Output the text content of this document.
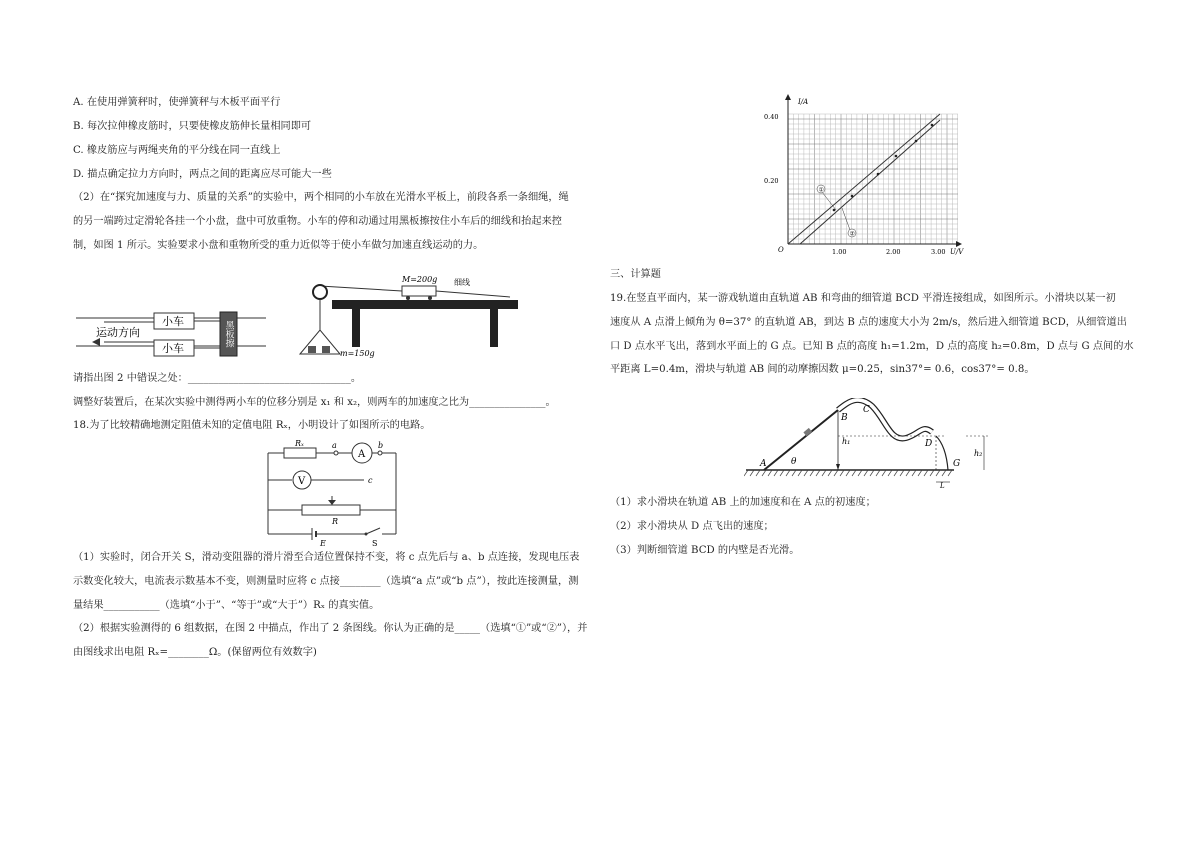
A. 在使用弹簧秤时，使弹簧秤与木板平面平行
B. 每次拉伸橡皮筋时，只要使橡皮筋伸长量相同即可
C. 橡皮筋应与两绳夹角的平分线在同一直线上
D. 描点确定拉力方向时，两点之间的距离应尽可能大一些
（2）在“探究加速度与力、质量的关系”的实验中，两个相同的小车放在光滑水平板上，前段各系一条细绳，绳
的另一端跨过定滑轮各挂一个小盘，盘中可放重物。小车的停和动通过用黑板擦按住小车后的细线和抬起来控
制，如图 1 所示。实验要求小盘和重物所受的重力近似等于使小车做匀加速直线运动的力。
运动方向
小车
小车
黑板擦
M=200g 细线
m=150g
请指出图 2 中错误之处：________________________________。
调整好装置后，在某次实验中测得两小车的位移分别是 x₁ 和 x₂，则两车的加速度之比为_______________。
18.为了比较精确地测定阻值未知的定值电阻 Rₓ，小明设计了如图所示的电路。
Rₓ	a
A
b
V	c
R
E	S
（1）实验时，闭合开关 S，滑动变阻器的滑片滑至合适位置保持不变，将 c 点先后与 a、b 点连接，发现电压表
示数变化较大，电流表示数基本不变，则测量时应将 c 点接________（选填“a 点”或“b 点”），按此连接测量，测
量结果___________（选填“小于”、“等于”或“大于”）Rₓ 的真实值。
（2）根据实验测得的 6 组数据，在图 2 中描点，作出了 2 条图线。你认为正确的是_____（选填“①”或“②”），并
由图线求出电阻 Rₓ=________Ω。(保留两位有效数字)
I/A
U/V
O
0.40
0.20
1.00	2.00	3.00
①
②
三、计算题
19.在竖直平面内，某一游戏轨道由直轨道 AB 和弯曲的细管道 BCD 平滑连接组成，如图所示。小滑块以某一初
速度从 A 点滑上倾角为 θ=37° 的直轨道 AB，到达 B 点的速度大小为 2m/s，然后进入细管道 BCD，从细管道出
口 D 点水平飞出，落到水平面上的 G 点。已知 B 点的高度 h₁=1.2m，D 点的高度 h₂=0.8m，D 点与 G 点间的水
平距离 L=0.4m，滑块与轨道 AB 间的动摩擦因数 μ=0.25，sin37°= 0.6，cos37°= 0.8。
A	θ
B
C
D
G
h₁
h₂
L
（1）求小滑块在轨道 AB 上的加速度和在 A 点的初速度；
（2）求小滑块从 D 点飞出的速度；
（3）判断细管道 BCD 的内壁是否光滑。
